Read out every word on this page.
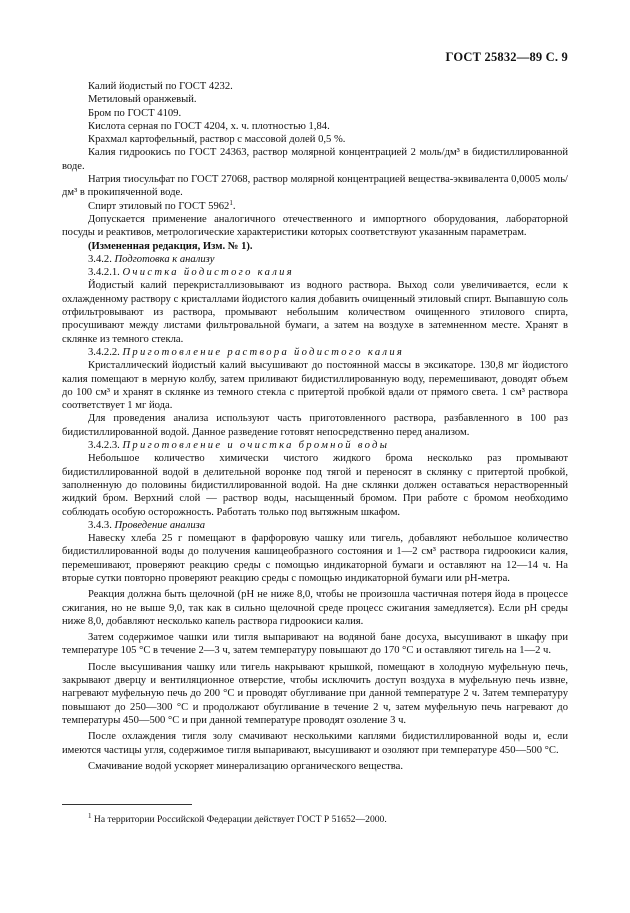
ГОСТ 25832—89 С. 9

Калий йодистый по ГОСТ 4232.

Метиловый оранжевый.

Бром по ГОСТ 4109.

Кислота серная по ГОСТ 4204, х. ч. плотностью 1,84.

Крахмал картофельный, раствор с массовой долей 0,5 %.

Калия гидроокись по ГОСТ 24363, раствор молярной концентрацией 2 моль/дм³ в бидистиллированной воде.

Натрия тиосульфат по ГОСТ 27068, раствор молярной концентрацией вещества-эквивалента 0,0005 моль/дм³ в прокипяченной воде.

Спирт этиловый по ГОСТ 5962$^1$.

Допускается применение аналогичного отечественного и импортного оборудования, лабораторной посуды и реактивов, метрологические характеристики которых соответствуют указанным параметрам.

(Измененная редакция, Изм. № 1).

3.4.2. Подготовка к анализу

3.4.2.1. Очистка йодистого калия

Йодистый калий перекристаллизовывают из водного раствора. Выход соли увеличивается, если к охлажденному раствору с кристаллами йодистого калия добавить очищенный этиловый спирт. Выпавшую соль отфильтровывают из раствора, промывают небольшим количеством очищенного этилового спирта, просушивают между листами фильтровальной бумаги, а затем на воздухе в затемненном месте. Хранят в склянке из темного стекла.

3.4.2.2. Приготовление раствора йодистого калия

Кристаллический йодистый калий высушивают до постоянной массы в эксикаторе. 130,8 мг йодистого калия помещают в мерную колбу, затем приливают бидистиллированную воду, перемешивают, доводят объем до 100 см³ и хранят в склянке из темного стекла с притертой пробкой вдали от прямого света. 1 см³ раствора соответствует 1 мг йода.

Для проведения анализа используют часть приготовленного раствора, разбавленного в 100 раз бидистиллированной водой. Данное разведение готовят непосредственно перед анализом.

3.4.2.3. Приготовление и очистка бромной воды

Небольшое количество химически чистого жидкого брома несколько раз промывают бидистиллированной водой в делительной воронке под тягой и переносят в склянку с притертой пробкой, заполненную до половины бидистиллированной водой. На дне склянки должен оставаться нерастворенный жидкий бром. Верхний слой — раствор воды, насыщенный бромом. При работе с бромом необходимо соблюдать особую осторожность. Работать только под вытяжным шкафом.

3.4.3. Проведение анализа

Навеску хлеба 25 г помещают в фарфоровую чашку или тигель, добавляют небольшое количество бидистиллированной воды до получения кашицеобразного состояния и 1—2 см³ раствора гидроокиси калия, перемешивают, проверяют реакцию среды с помощью индикаторной бумаги и оставляют на 12—14 ч. На вторые сутки повторно проверяют реакцию среды с помощью индикаторной бумаги или рН-метра.

Реакция должна быть щелочной (рН не ниже 8,0, чтобы не произошла частичная потеря йода в процессе сжигания, но не выше 9,0, так как в сильно щелочной среде процесс сжигания замедляется). Если рН среды ниже 8,0, добавляют несколько капель раствора гидроокиси калия.

Затем содержимое чашки или тигля выпаривают на водяной бане досуха, высушивают в шкафу при температуре 105 °С в течение 2—3 ч, затем температуру повышают до 170 °С и оставляют тигель на 1—2 ч.

После высушивания чашку или тигель накрывают крышкой, помещают в холодную муфельную печь, закрывают дверцу и вентиляционное отверстие, чтобы исключить доступ воздуха в муфельную печь извне, нагревают муфельную печь до 200 °С и проводят обугливание при данной температуре 2 ч. Затем температуру повышают до 250—300 °С и продолжают обугливание в течение 2 ч, затем муфельную печь нагревают до температуры 450—500 °С и при данной температуре проводят озоление 3 ч.

После охлаждения тигля золу смачивают несколькими каплями бидистиллированной воды и, если имеются частицы угля, содержимое тигля выпаривают, высушивают и озоляют при температуре 450—500 °С.

Смачивание водой ускоряет минерализацию органического вещества.

$^1$ На территории Российской Федерации действует ГОСТ Р 51652—2000.
